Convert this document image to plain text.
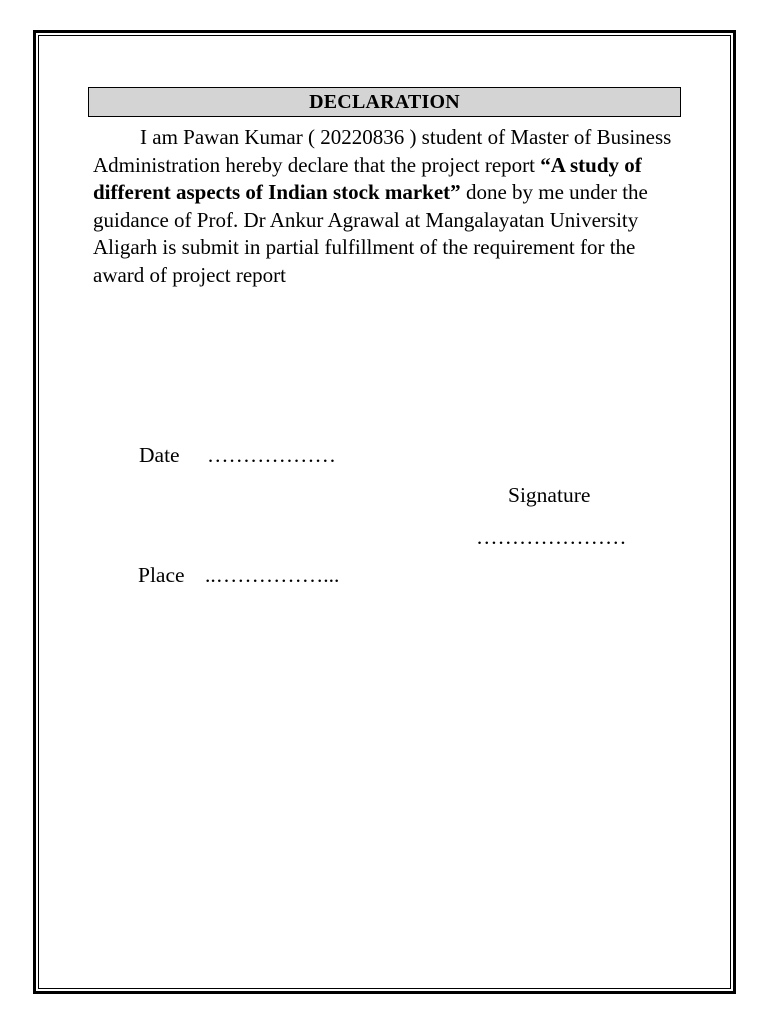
DECLARATION
I am Pawan Kumar ( 20220836 ) student of Master of Business Administration hereby declare that the project report “A study of different aspects of Indian stock market” done by me under the guidance of Prof. Dr Ankur Agrawal at Mangalayatan University Aligarh is submit in partial fulfillment of the requirement for the award of project report
Date ………………
Signature
…………………
Place ..……………...
